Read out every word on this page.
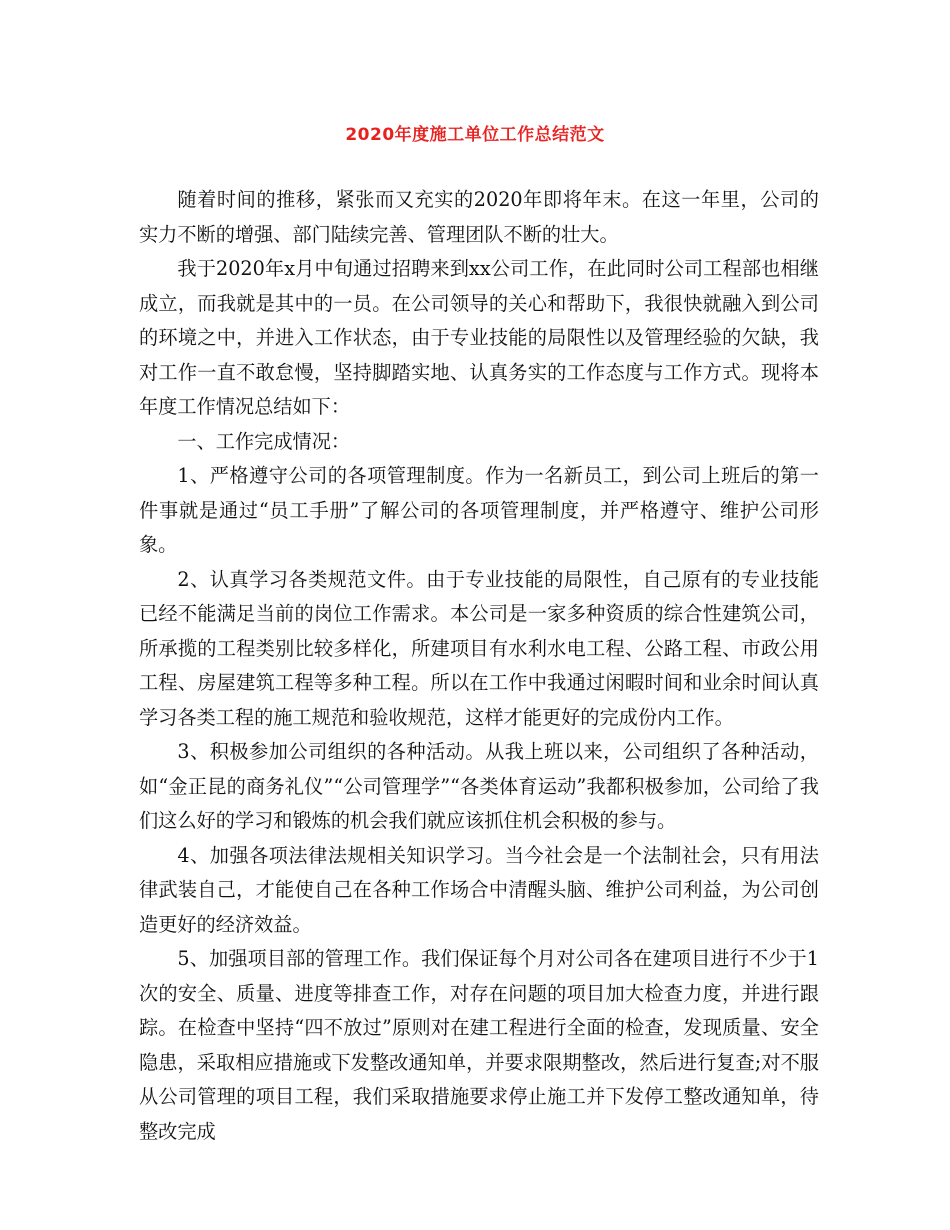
2020年度施工单位工作总结范文

随着时间的推移，紧张而又充实的2020年即将年末。在这一年里，公司的实力不断的增强、部门陆续完善、管理团队不断的壮大。

我于2020年x月中旬通过招聘来到xx公司工作，在此同时公司工程部也相继成立，而我就是其中的一员。在公司领导的关心和帮助下，我很快就融入到公司的环境之中，并进入工作状态，由于专业技能的局限性以及管理经验的欠缺，我对工作一直不敢怠慢，坚持脚踏实地、认真务实的工作态度与工作方式。现将本年度工作情况总结如下：

一、工作完成情况：

1、严格遵守公司的各项管理制度。作为一名新员工，到公司上班后的第一件事就是通过“员工手册”了解公司的各项管理制度，并严格遵守、维护公司形象。

2、认真学习各类规范文件。由于专业技能的局限性，自己原有的专业技能已经不能满足当前的岗位工作需求。本公司是一家多种资质的综合性建筑公司，所承揽的工程类别比较多样化，所建项目有水利水电工程、公路工程、市政公用工程、房屋建筑工程等多种工程。所以在工作中我通过闲暇时间和业余时间认真学习各类工程的施工规范和验收规范，这样才能更好的完成份内工作。

3、积极参加公司组织的各种活动。从我上班以来，公司组织了各种活动，如“金正昆的商务礼仪”“公司管理学”“各类体育运动”我都积极参加，公司给了我们这么好的学习和锻炼的机会我们就应该抓住机会积极的参与。

4、加强各项法律法规相关知识学习。当今社会是一个法制社会，只有用法律武装自己，才能使自己在各种工作场合中清醒头脑、维护公司利益，为公司创造更好的经济效益。

5、加强项目部的管理工作。我们保证每个月对公司各在建项目进行不少于1次的安全、质量、进度等排查工作，对存在问题的项目加大检查力度，并进行跟踪。在检查中坚持“四不放过”原则对在建工程进行全面的检查，发现质量、安全隐患，采取相应措施或下发整改通知单，并要求限期整改，然后进行复查;对不服从公司管理的项目工程，我们采取措施要求停止施工并下发停工整改通知单，待整改完成
